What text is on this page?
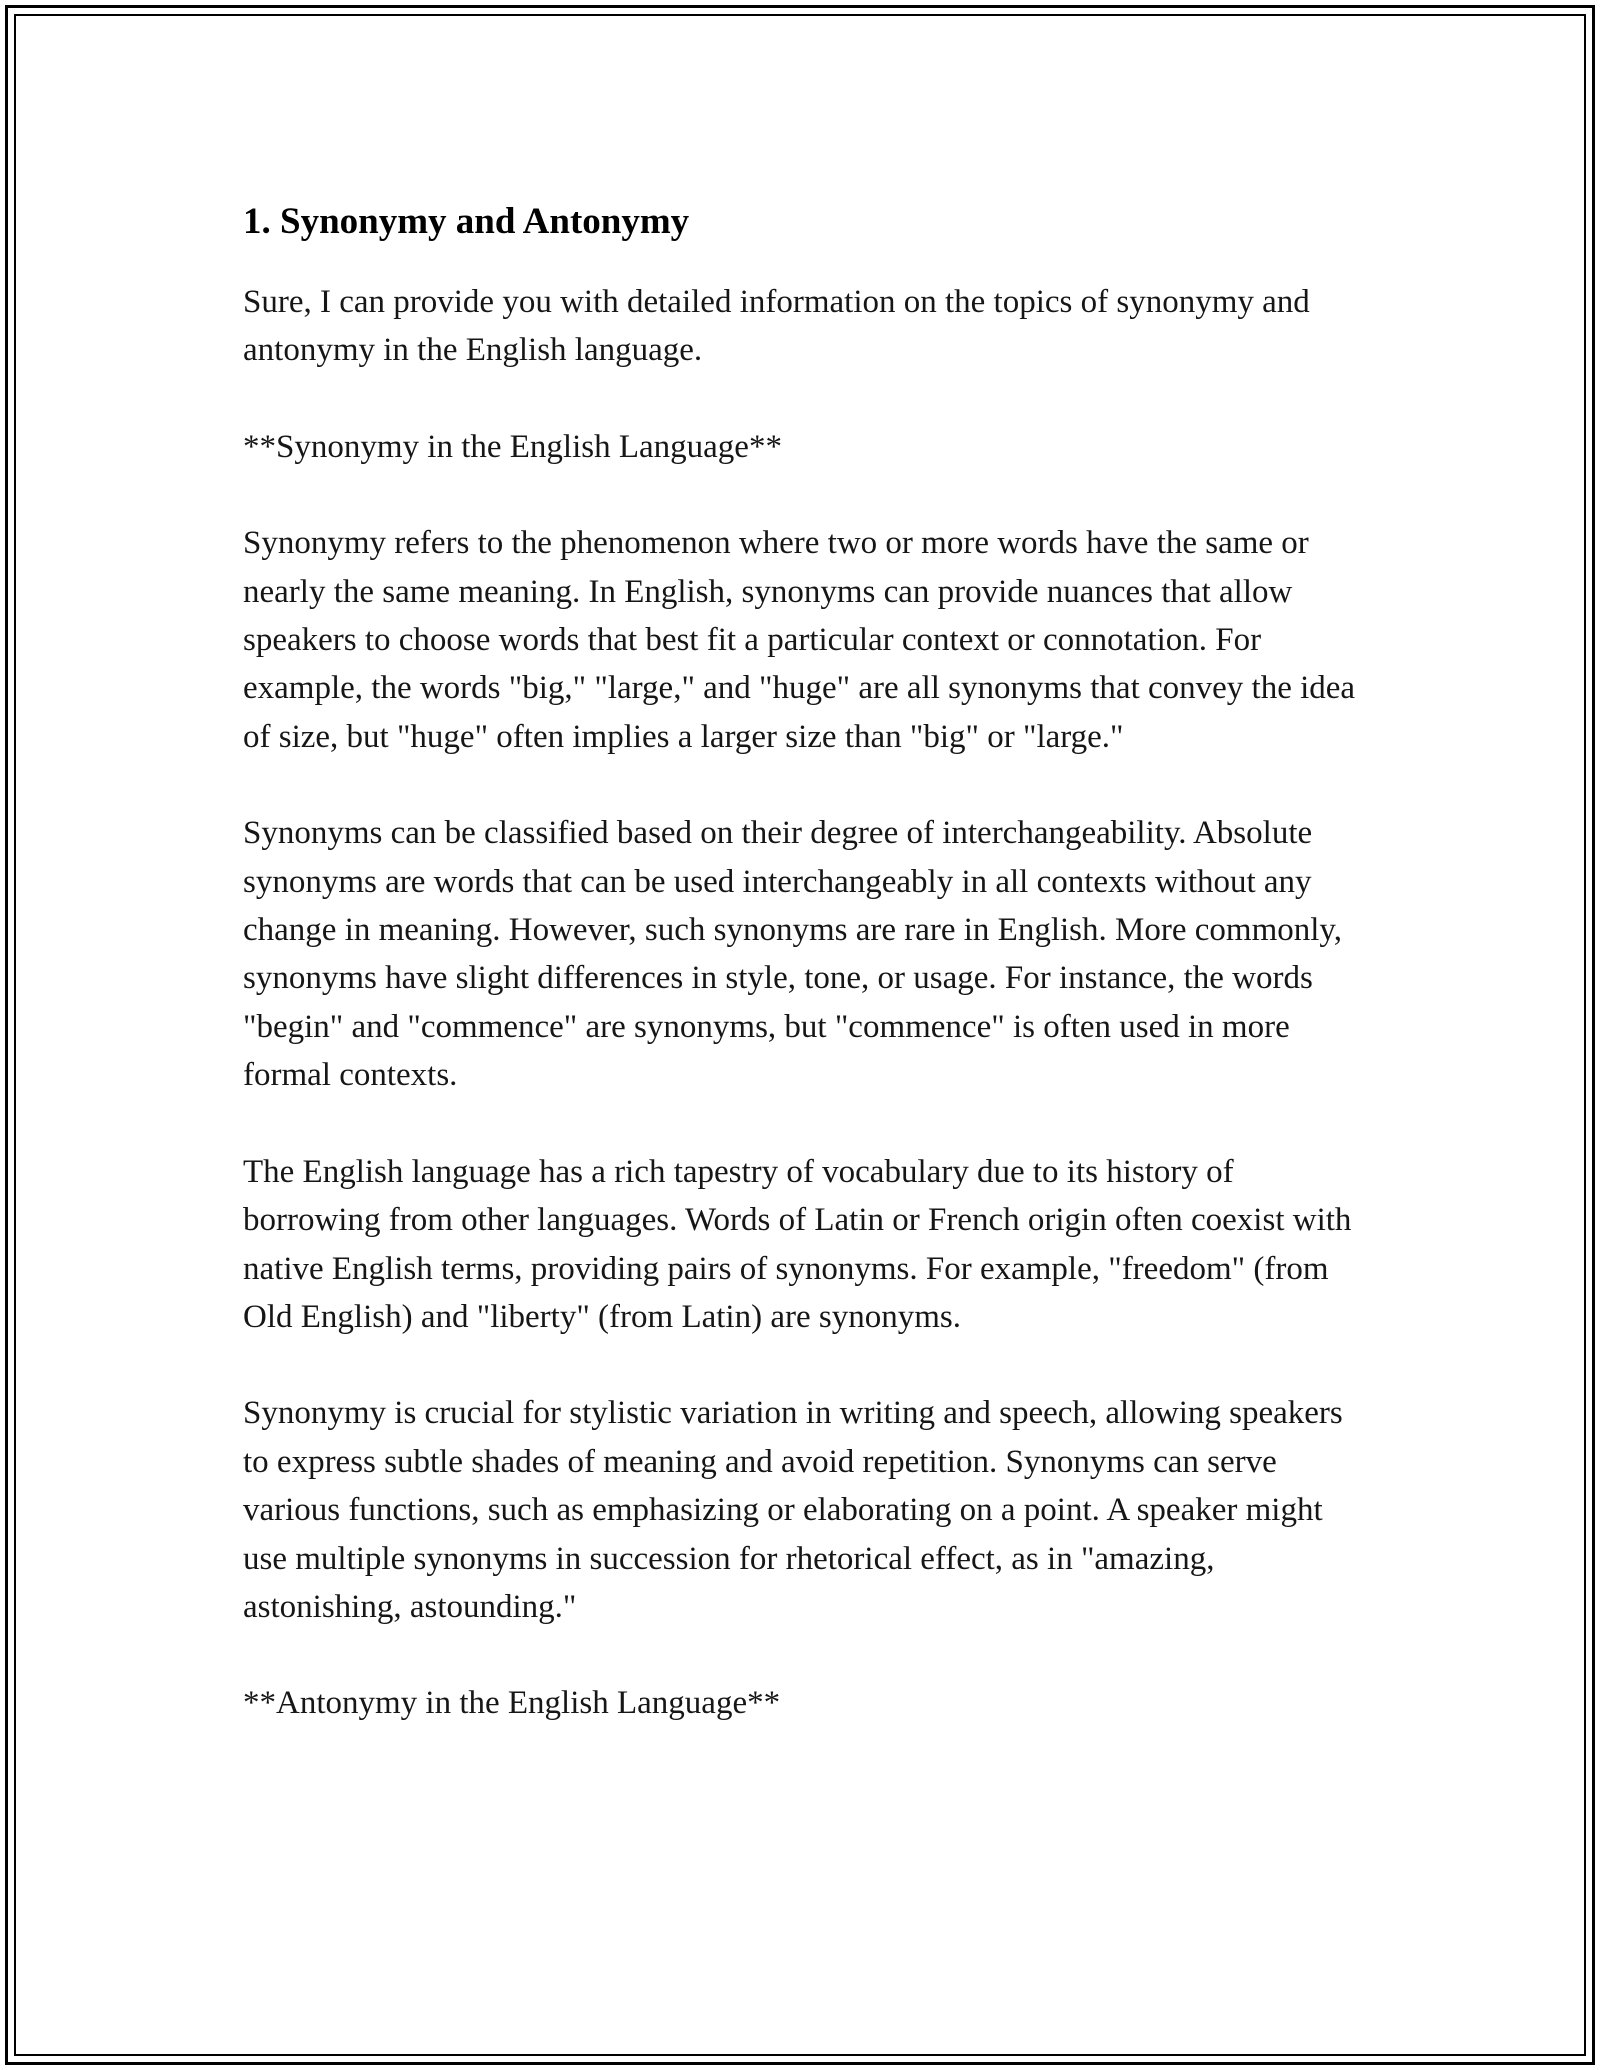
1. Synonymy and Antonymy

Sure, I can provide you with detailed information on the topics of synonymy and antonymy in the English language.

**Synonymy in the English Language**

Synonymy refers to the phenomenon where two or more words have the same or nearly the same meaning. In English, synonyms can provide nuances that allow speakers to choose words that best fit a particular context or connotation. For example, the words "big," "large," and "huge" are all synonyms that convey the idea of size, but "huge" often implies a larger size than "big" or "large."

Synonyms can be classified based on their degree of interchangeability. Absolute synonyms are words that can be used interchangeably in all contexts without any change in meaning. However, such synonyms are rare in English. More commonly, synonyms have slight differences in style, tone, or usage. For instance, the words "begin" and "commence" are synonyms, but "commence" is often used in more formal contexts.

The English language has a rich tapestry of vocabulary due to its history of borrowing from other languages. Words of Latin or French origin often coexist with native English terms, providing pairs of synonyms. For example, "freedom" (from Old English) and "liberty" (from Latin) are synonyms.

Synonymy is crucial for stylistic variation in writing and speech, allowing speakers to express subtle shades of meaning and avoid repetition. Synonyms can serve various functions, such as emphasizing or elaborating on a point. A speaker might use multiple synonyms in succession for rhetorical effect, as in "amazing, astonishing, astounding."

**Antonymy in the English Language**
